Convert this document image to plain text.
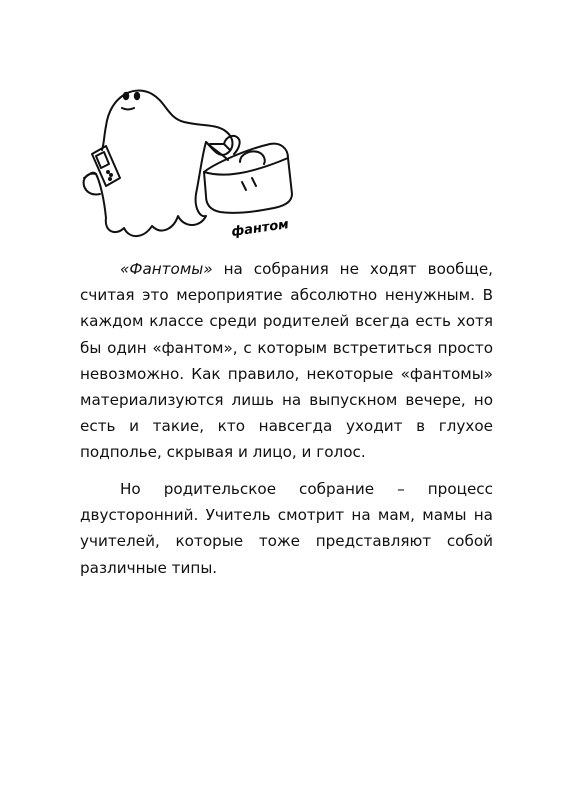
фантом

«Фантомы» на собрания не ходят вообще, считая это мероприятие абсолютно ненужным. В каждом классе среди родителей всегда есть хотя бы один «фантом», с которым встретиться просто невозможно. Как правило, некоторые «фантомы» материализуются лишь на выпускном вечере, но есть и такие, кто навсегда уходит в глухое подполье, скрывая и лицо, и голос.

Но родительское собрание – процесс двусторонний. Учитель смотрит на мам, мамы на учителей, которые тоже представляют собой различные типы.
